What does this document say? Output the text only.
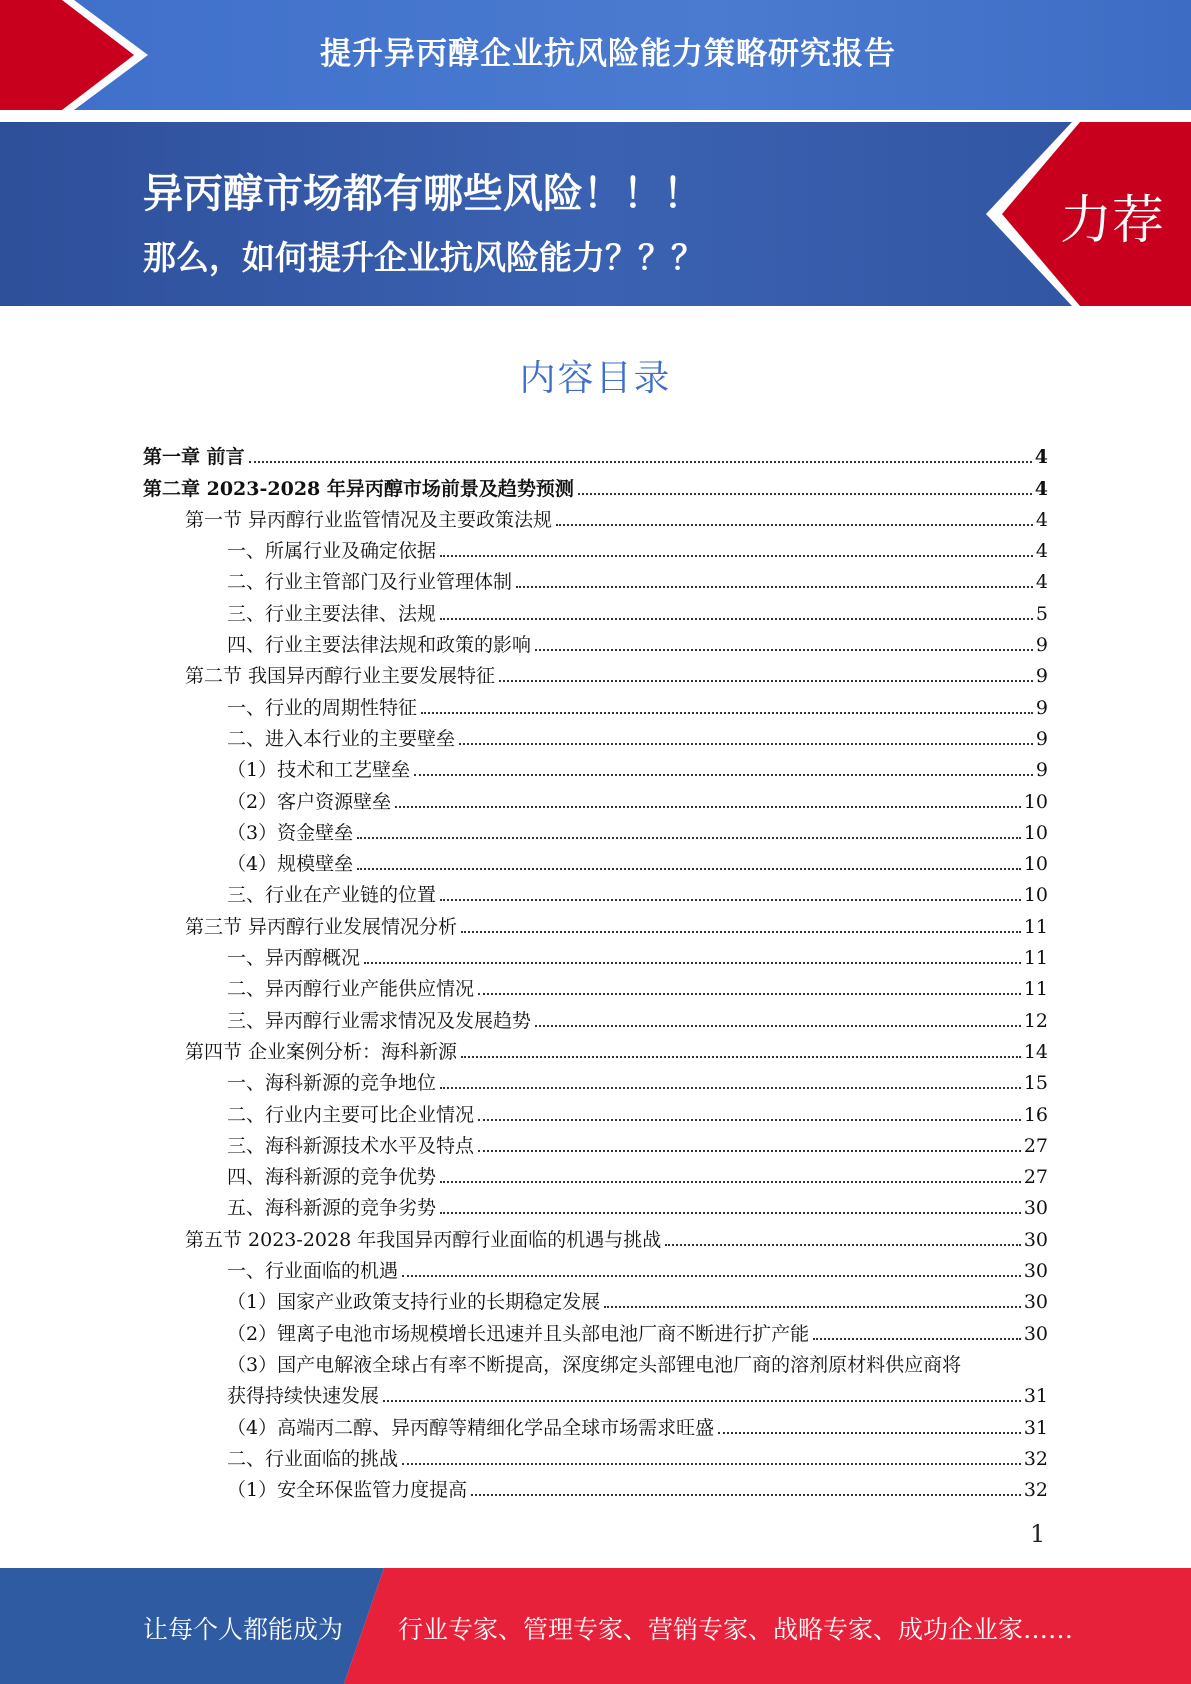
提升异丙醇企业抗风险能力策略研究报告
异丙醇市场都有哪些风险！！！
那么，如何提升企业抗风险能力？？？
力荐
内容目录
第一章 前言	4
第二章 2023-2028 年异丙醇市场前景及趋势预测	4
第一节 异丙醇行业监管情况及主要政策法规	4
一、所属行业及确定依据	4
二、行业主管部门及行业管理体制	4
三、行业主要法律、法规	5
四、行业主要法律法规和政策的影响	9
第二节 我国异丙醇行业主要发展特征	9
一、行业的周期性特征	9
二、进入本行业的主要壁垒	9
（1）技术和工艺壁垒	9
（2）客户资源壁垒	10
（3）资金壁垒	10
（4）规模壁垒	10
三、行业在产业链的位置	10
第三节 异丙醇行业发展情况分析	11
一、异丙醇概况	11
二、异丙醇行业产能供应情况	11
三、异丙醇行业需求情况及发展趋势	12
第四节 企业案例分析：海科新源	14
一、海科新源的竞争地位	15
二、行业内主要可比企业情况	16
三、海科新源技术水平及特点	27
四、海科新源的竞争优势	27
五、海科新源的竞争劣势	30
第五节 2023-2028 年我国异丙醇行业面临的机遇与挑战	30
一、行业面临的机遇	30
（1）国家产业政策支持行业的长期稳定发展	30
（2）锂离子电池市场规模增长迅速并且头部电池厂商不断进行扩产能	30
（3）国产电解液全球占有率不断提高，深度绑定头部锂电池厂商的溶剂原材料供应商将
获得持续快速发展	31
（4）高端丙二醇、异丙醇等精细化学品全球市场需求旺盛	31
二、行业面临的挑战	32
（1）安全环保监管力度提高	32
1
让每个人都能成为 行业专家、管理专家、营销专家、战略专家、成功企业家……
